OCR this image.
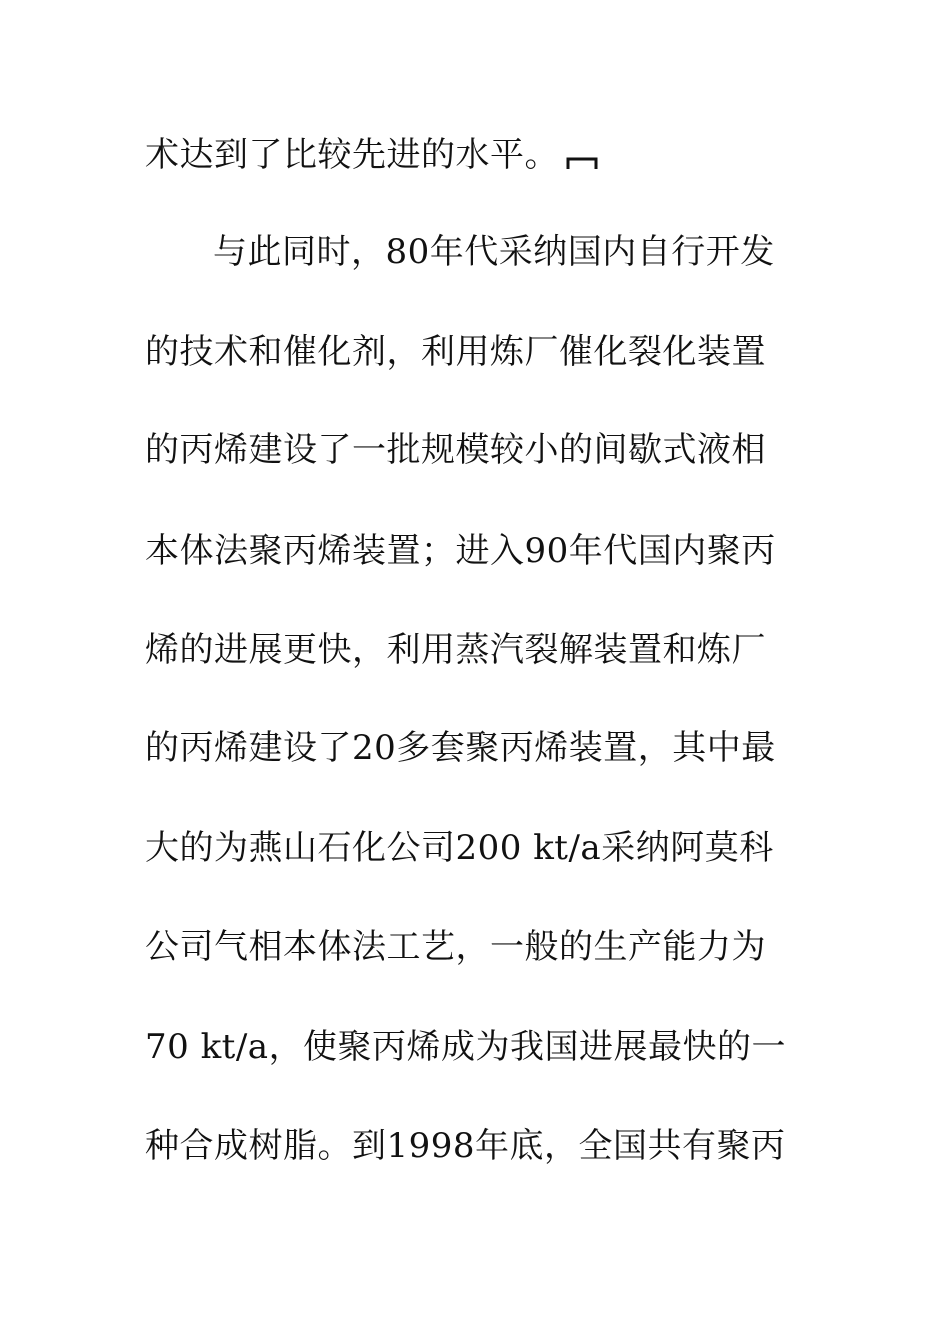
术达到了比较先进的水平。
与此同时，80年代采纳国内自行开发
的技术和催化剂，利用炼厂催化裂化装置
的丙烯建设了一批规模较小的间歇式液相
本体法聚丙烯装置；进入90年代国内聚丙
烯的进展更快，利用蒸汽裂解装置和炼厂
的丙烯建设了20多套聚丙烯装置，其中最
大的为燕山石化公司200 kt/a采纳阿莫科
公司气相本体法工艺，一般的生产能力为
70 kt/a，使聚丙烯成为我国进展最快的一
种合成树脂。到1998年底，全国共有聚丙
